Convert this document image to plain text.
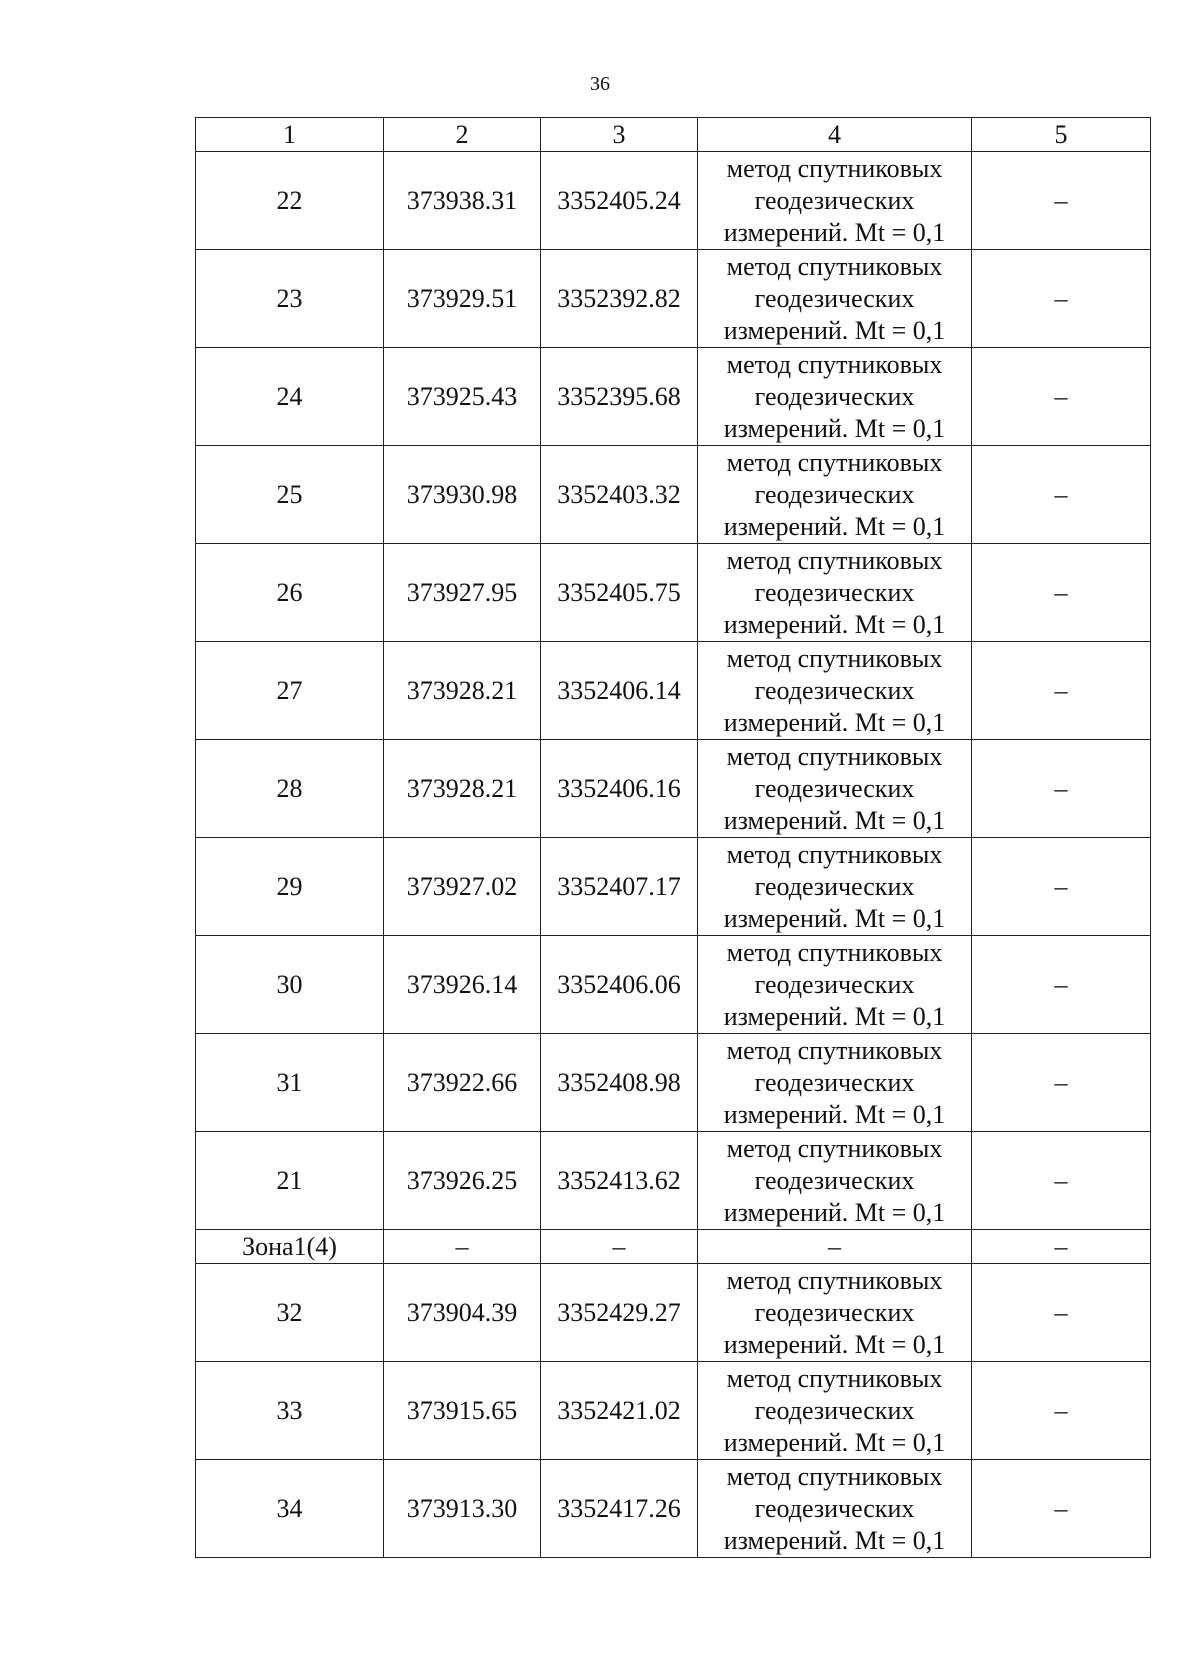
36
1	2	3	4	5
22	373938.31	3352405.24	метод спутниковых геодезических измерений. Mt = 0,1	–
23	373929.51	3352392.82	метод спутниковых геодезических измерений. Mt = 0,1	–
24	373925.43	3352395.68	метод спутниковых геодезических измерений. Mt = 0,1	–
25	373930.98	3352403.32	метод спутниковых геодезических измерений. Mt = 0,1	–
26	373927.95	3352405.75	метод спутниковых геодезических измерений. Mt = 0,1	–
27	373928.21	3352406.14	метод спутниковых геодезических измерений. Mt = 0,1	–
28	373928.21	3352406.16	метод спутниковых геодезических измерений. Mt = 0,1	–
29	373927.02	3352407.17	метод спутниковых геодезических измерений. Mt = 0,1	–
30	373926.14	3352406.06	метод спутниковых геодезических измерений. Mt = 0,1	–
31	373922.66	3352408.98	метод спутниковых геодезических измерений. Mt = 0,1	–
21	373926.25	3352413.62	метод спутниковых геодезических измерений. Mt = 0,1	–
Зона1(4)	–	–	–	–
32	373904.39	3352429.27	метод спутниковых геодезических измерений. Mt = 0,1	–
33	373915.65	3352421.02	метод спутниковых геодезических измерений. Mt = 0,1	–
34	373913.30	3352417.26	метод спутниковых геодезических измерений. Mt = 0,1	–
